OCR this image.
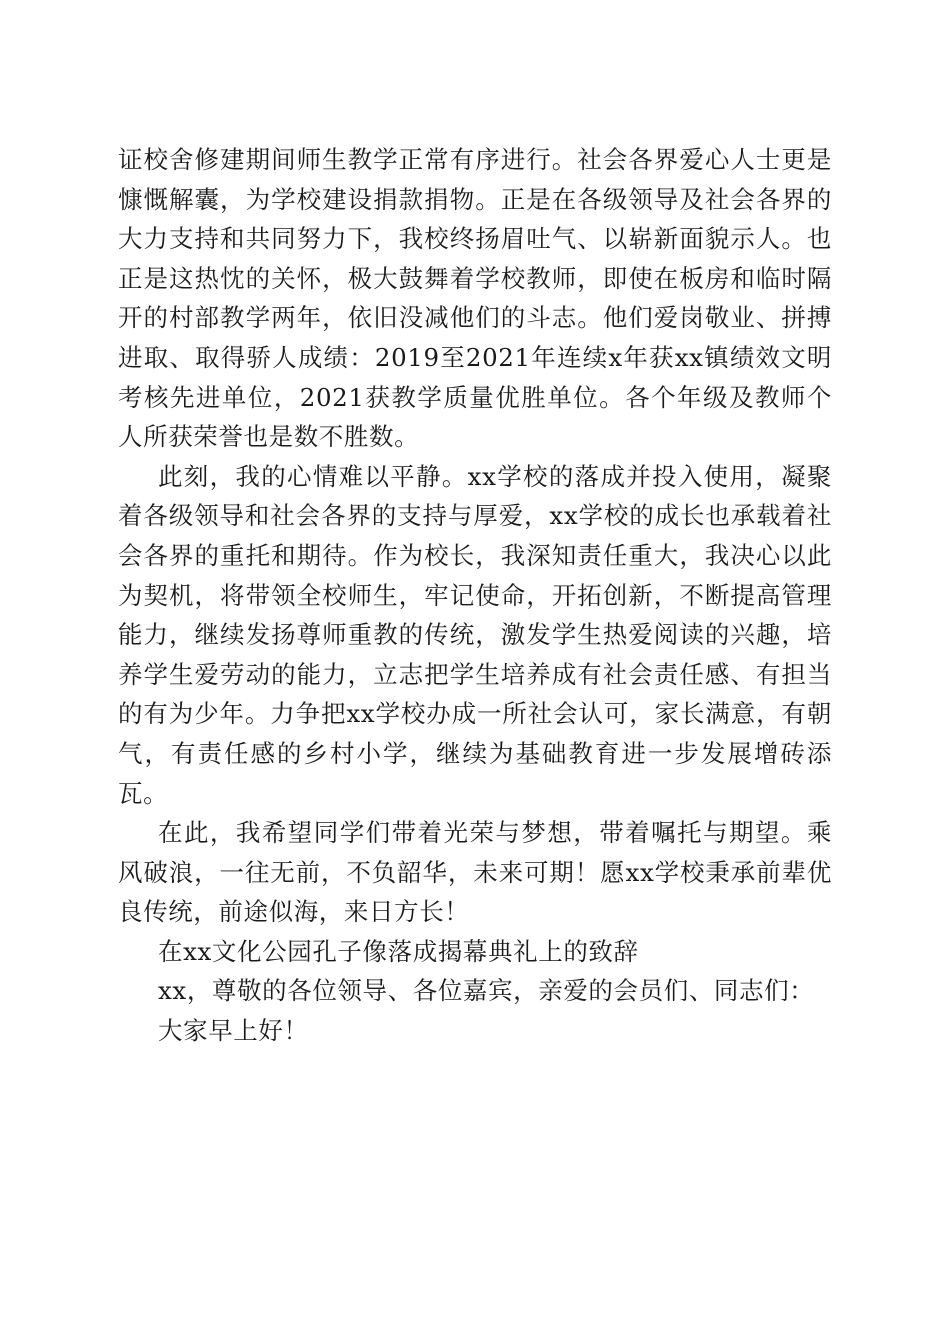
证校舍修建期间师生教学正常有序进行。社会各界爱心人士更是慷慨解囊，为学校建设捐款捐物。正是在各级领导及社会各界的大力支持和共同努力下，我校终扬眉吐气、以崭新面貌示人。也正是这热忱的关怀，极大鼓舞着学校教师，即使在板房和临时隔开的村部教学两年，依旧没减他们的斗志。他们爱岗敬业、拼搏进取、取得骄人成绩：2019至2021年连续x年获xx镇绩效文明考核先进单位，2021获教学质量优胜单位。各个年级及教师个人所获荣誉也是数不胜数。

此刻，我的心情难以平静。xx学校的落成并投入使用，凝聚着各级领导和社会各界的支持与厚爱，xx学校的成长也承载着社会各界的重托和期待。作为校长，我深知责任重大，我决心以此为契机，将带领全校师生，牢记使命，开拓创新，不断提高管理能力，继续发扬尊师重教的传统，激发学生热爱阅读的兴趣，培养学生爱劳动的能力，立志把学生培养成有社会责任感、有担当的有为少年。力争把xx学校办成一所社会认可，家长满意，有朝气，有责任感的乡村小学，继续为基础教育进一步发展增砖添瓦。

在此，我希望同学们带着光荣与梦想，带着嘱托与期望。乘风破浪，一往无前，不负韶华，未来可期！愿xx学校秉承前辈优良传统，前途似海，来日方长！

在xx文化公园孔子像落成揭幕典礼上的致辞

xx，尊敬的各位领导、各位嘉宾，亲爱的会员们、同志们：

大家早上好！
